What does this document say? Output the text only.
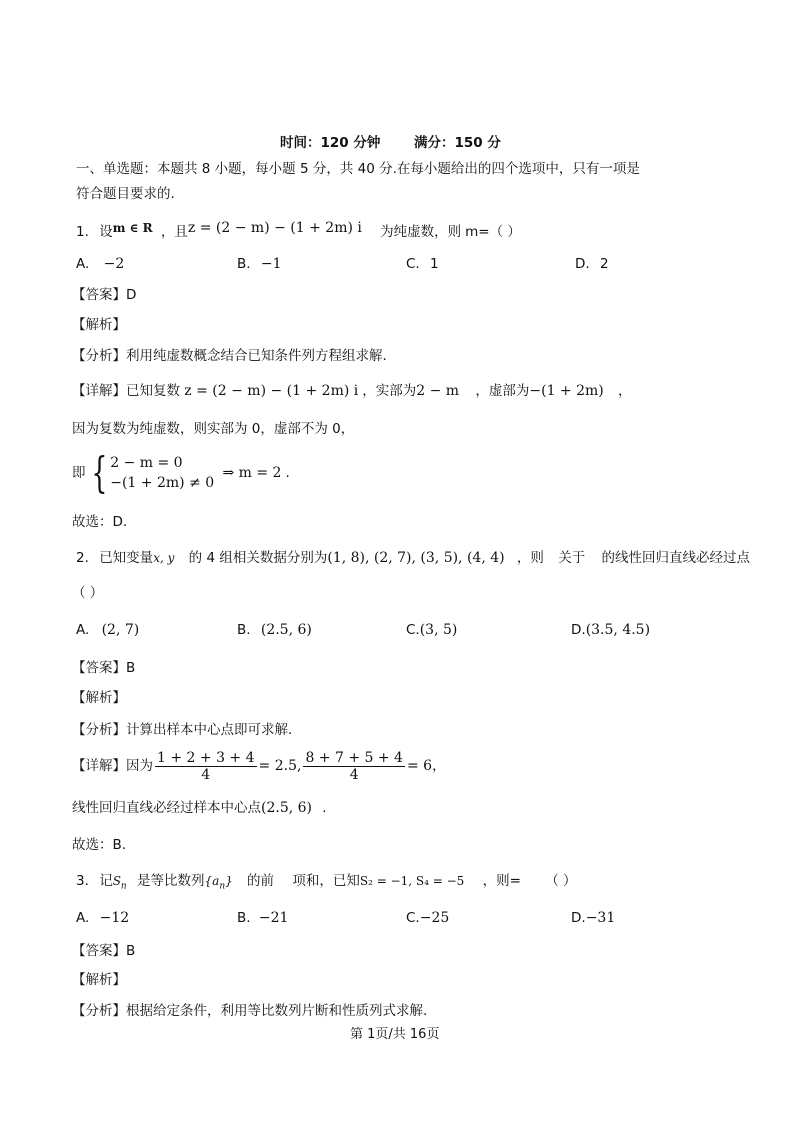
时间：120 分钟 满分：150 分
一、单选题：本题共 8 小题，每小题 5 分，共 40 分.在每小题给出的四个选项中，只有一项是
符合题目要求的.
1. 设m ∈ R ，且z = (2 − m) − (1 + 2m) i 为纯虚数，则 m=（ ）
A. −2	B. −1	C. 1	D. 2
【答案】D
【解析】
【分析】利用纯虚数概念结合已知条件列方程组求解.
【详解】已知复数 z = (2 − m) − (1 + 2m) i ，实部为2 − m ，虚部为−(1 + 2m) ，
因为复数为纯虚数，则实部为 0，虚部不为 0，
即 { 2 − m = 0
−(1 + 2m) ≠ 0
⇒ m = 2 .
故选：D.
2. 已知变量x, y 的 4 组相关数据分别为(1, 8), (2, 7), (3, 5), (4, 4) ，则 关于 的线性回归直线必经过点
（ ）
A. (2, 7)	B. (2.5, 6)	C.(3, 5)	D.(3.5, 4.5)
【答案】B
【解析】
【分析】计算出样本中心点即可求解.
【详解】因为 $\frac{1 + 2 + 3 + 4}{4} = 2.5$, $\frac{8 + 7 + 5 + 4}{4} = 6$，
线性回归直线必经过样本中心点(2.5, 6) .
故选：B.
3. 记$S_n$ 是等比数列$\{a_n\}$ 的前 项和，已知S₂ = −1, S₄ = −5 ，则= （ ）
A. −12	B. −21	C.−25	D.−31
【答案】B
【解析】
【分析】根据给定条件，利用等比数列片断和性质列式求解.
第 1页/共 16页
